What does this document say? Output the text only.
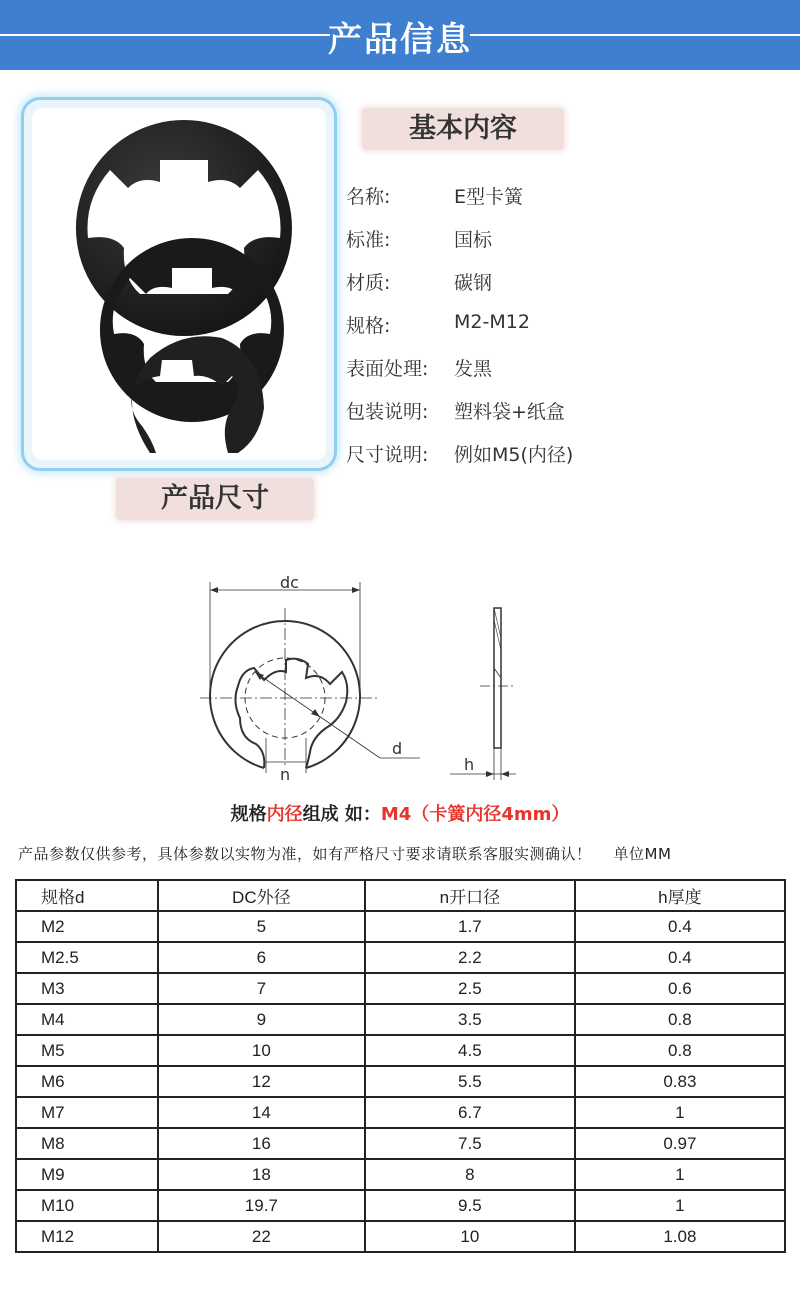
产品信息
基本内容
名称:	E型卡簧
标准:	国标
材质:	碳钢
规格:	M2-M12
表面处理:	发黑
包装说明:	塑料袋+纸盒
尺寸说明:	例如M5(内径)
产品尺寸
dc
d
n
h
规格内径组成 如：M4（卡簧内径4mm）
产品参数仅供参考，具体参数以实物为准，如有严格尺寸要求请联系客服实测确认！ 单位MM
规格d	DC外径	n开口径	h厚度
M2	5	1.7	0.4
M2.5	6	2.2	0.4
M3	7	2.5	0.6
M4	9	3.5	0.8
M5	10	4.5	0.8
M6	12	5.5	0.83
M7	14	6.7	1
M8	16	7.5	0.97
M9	18	8	1
M10	19.7	9.5	1
M12	22	10	1.08
